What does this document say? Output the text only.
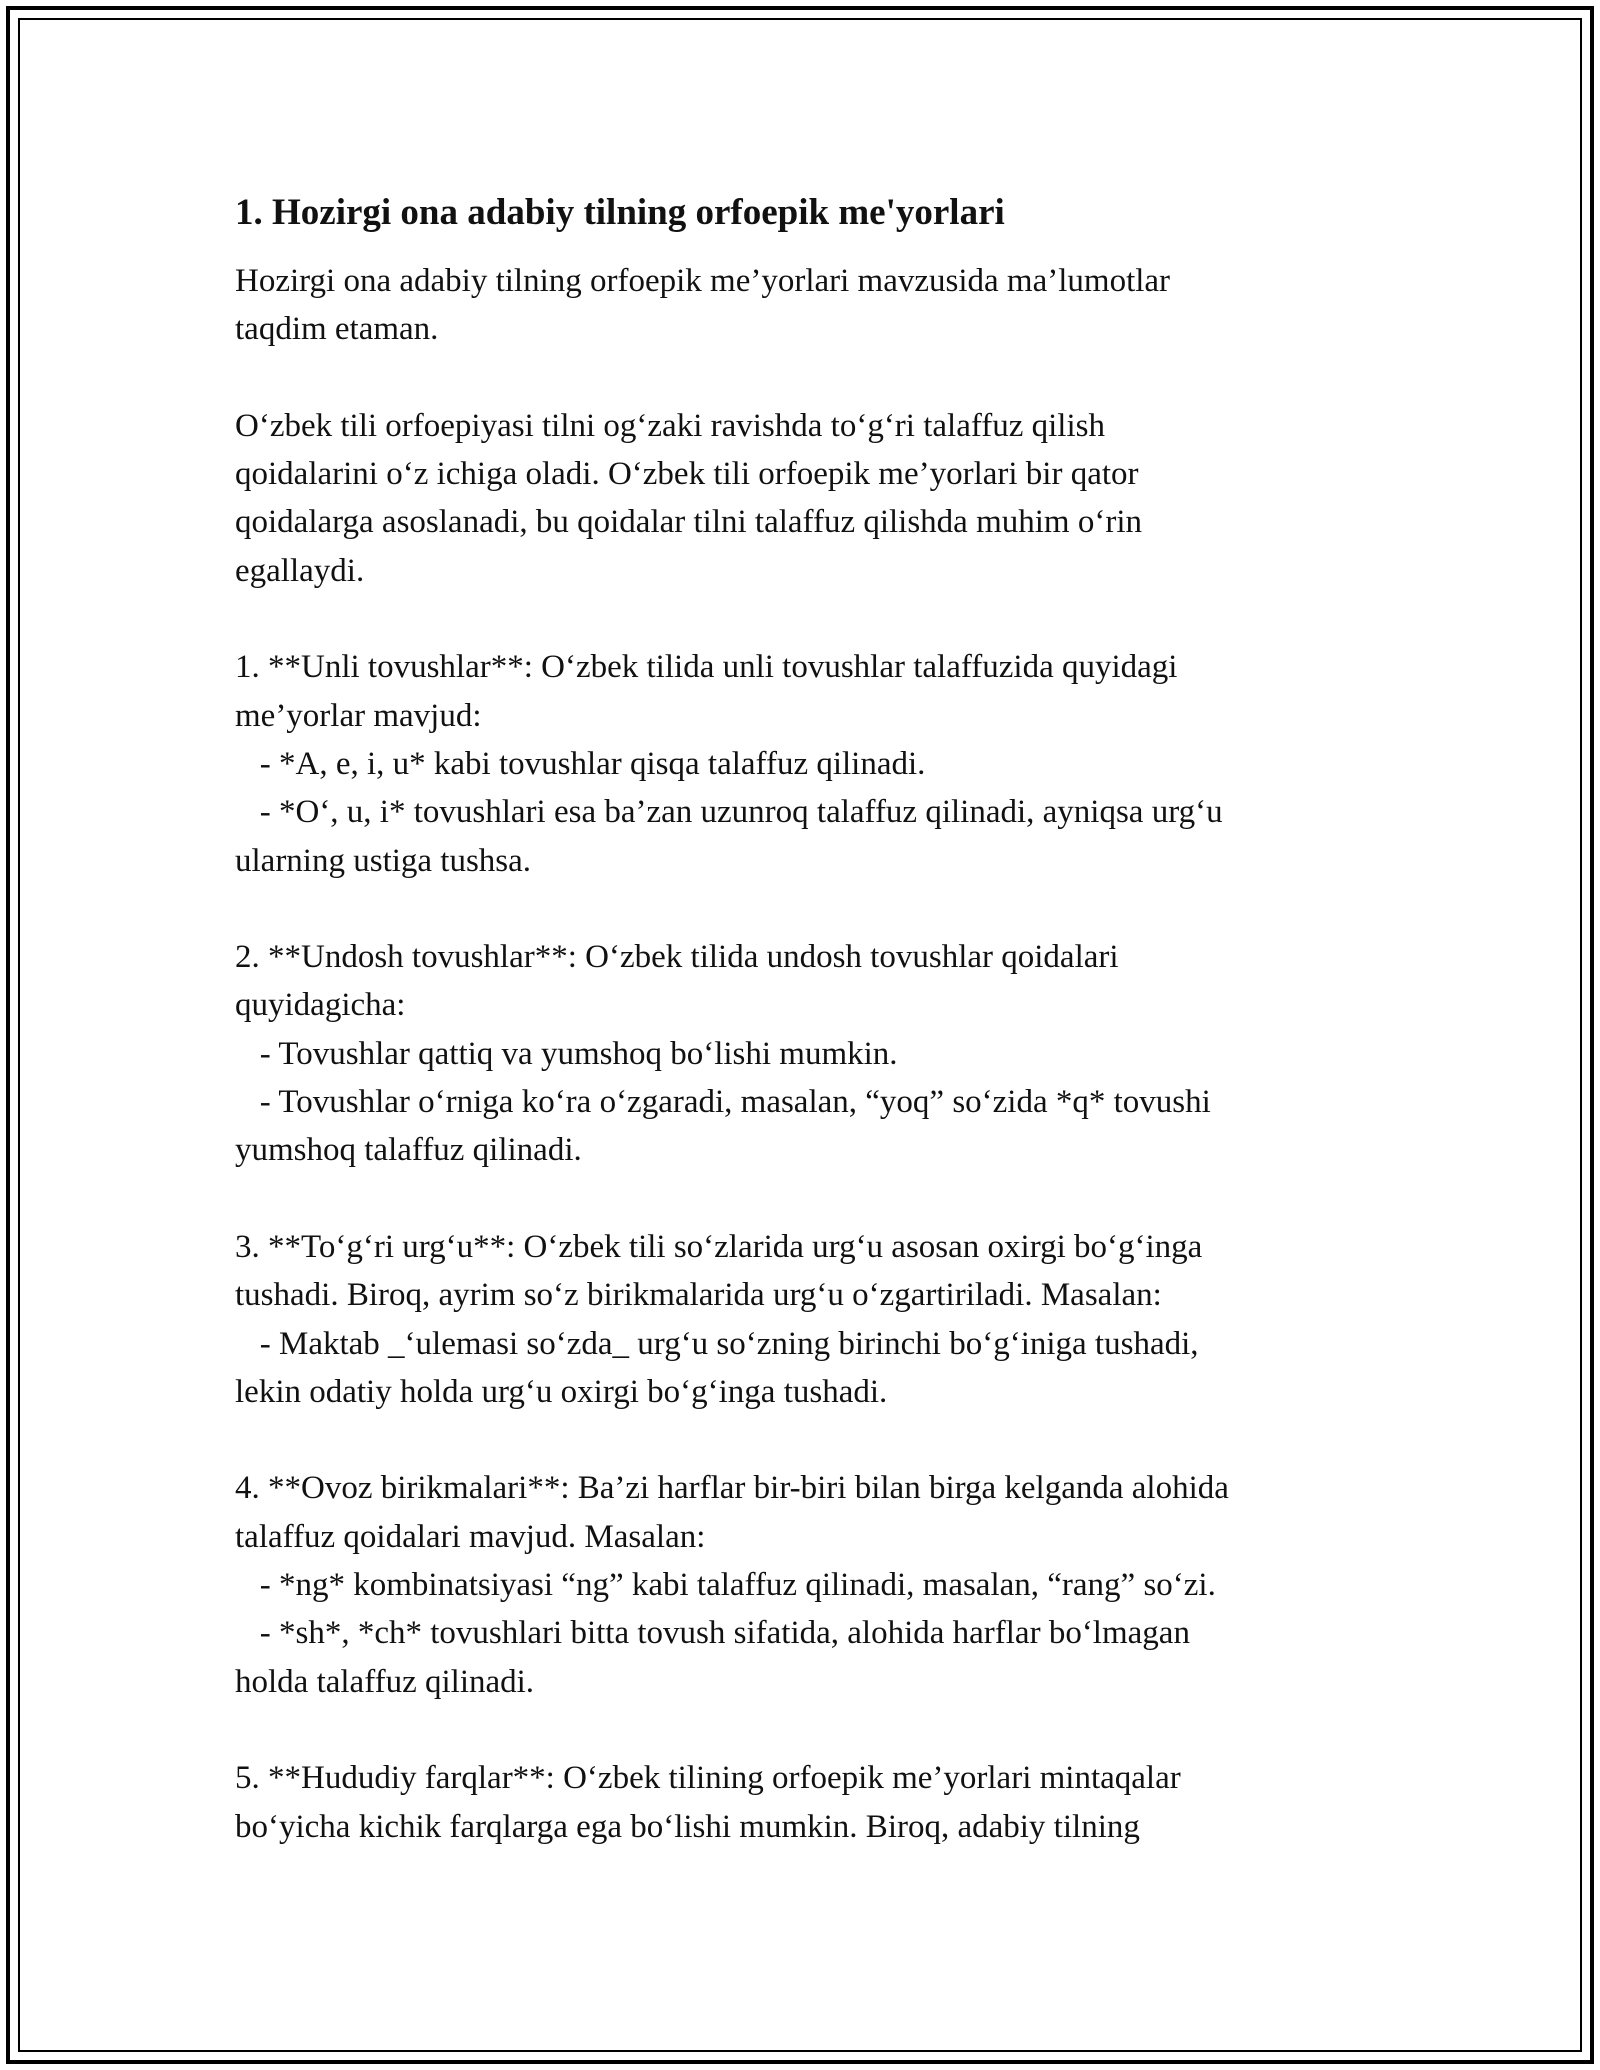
1. Hozirgi ona adabiy tilning orfoepik me'yorlari
Hozirgi ona adabiy tilning orfoepik me’yorlari mavzusida ma’lumotlar
taqdim etaman.
O‘zbek tili orfoepiyasi tilni og‘zaki ravishda to‘g‘ri talaffuz qilish
qoidalarini o‘z ichiga oladi. O‘zbek tili orfoepik me’yorlari bir qator
qoidalarga asoslanadi, bu qoidalar tilni talaffuz qilishda muhim o‘rin
egallaydi.
1. **Unli tovushlar**: O‘zbek tilida unli tovushlar talaffuzida quyidagi
me’yorlar mavjud:
- *A, e, i, u* kabi tovushlar qisqa talaffuz qilinadi.
- *O‘, u, i* tovushlari esa ba’zan uzunroq talaffuz qilinadi, ayniqsa urg‘u
ularning ustiga tushsa.
2. **Undosh tovushlar**: O‘zbek tilida undosh tovushlar qoidalari
quyidagicha:
- Tovushlar qattiq va yumshoq bo‘lishi mumkin.
- Tovushlar o‘rniga ko‘ra o‘zgaradi, masalan, “yoq” so‘zida *q* tovushi
yumshoq talaffuz qilinadi.
3. **To‘g‘ri urg‘u**: O‘zbek tili so‘zlarida urg‘u asosan oxirgi bo‘g‘inga
tushadi. Biroq, ayrim so‘z birikmalarida urg‘u o‘zgartiriladi. Masalan:
- Maktab _‘ulemasi so‘zda_ urg‘u so‘zning birinchi bo‘g‘iniga tushadi,
lekin odatiy holda urg‘u oxirgi bo‘g‘inga tushadi.
4. **Ovoz birikmalari**: Ba’zi harflar bir-biri bilan birga kelganda alohida
talaffuz qoidalari mavjud. Masalan:
- *ng* kombinatsiyasi “ng” kabi talaffuz qilinadi, masalan, “rang” so‘zi.
- *sh*, *ch* tovushlari bitta tovush sifatida, alohida harflar bo‘lmagan
holda talaffuz qilinadi.
5. **Hududiy farqlar**: O‘zbek tilining orfoepik me’yorlari mintaqalar
bo‘yicha kichik farqlarga ega bo‘lishi mumkin. Biroq, adabiy tilning
